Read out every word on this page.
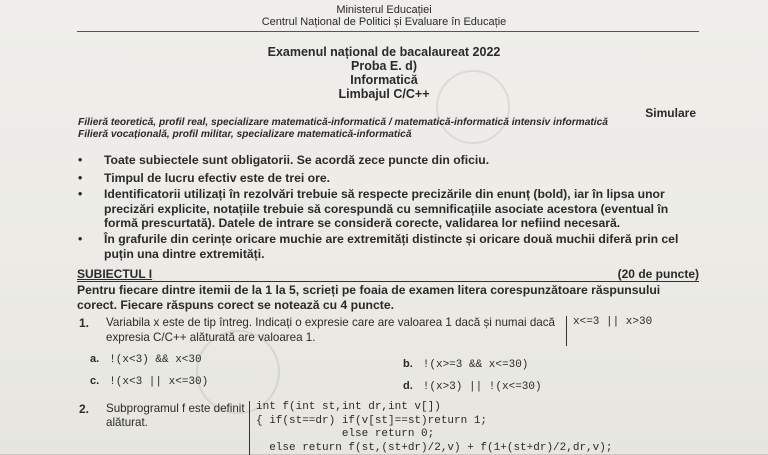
Ministerul Educației
Centrul Național de Politici și Evaluare în Educație
Examenul național de bacalaureat 2022
Proba E. d)
Informatică
Limbajul C/C++
Simulare
Filieră teoretică, profil real, specializare matematică-informatică / matematică-informatică intensiv informatică
Filieră vocațională, profil militar, specializare matematică-informatică
• Toate subiectele sunt obligatorii. Se acordă zece puncte din oficiu.
• Timpul de lucru efectiv este de trei ore.
• Identificatorii utilizați în rezolvări trebuie să respecte precizările din enunț (bold), iar în lipsa unor precizări explicite, notațiile trebuie să corespundă cu semnificațiile asociate acestora (eventual în formă prescurtată). Datele de intrare se consideră corecte, validarea lor nefiind necesară.
• În grafurile din cerințe oricare muchie are extremități distincte și oricare două muchii diferă prin cel puțin una dintre extremități.
SUBIECTUL I	(20 de puncte)
Pentru fiecare dintre itemii de la 1 la 5, scrieți pe foaia de examen litera corespunzătoare răspunsului corect. Fiecare răspuns corect se notează cu 4 puncte.
1. Variabila x este de tip întreg. Indicați o expresie care are valoarea 1 dacă și numai dacă expresia C/C++ alăturată are valoarea 1.
x<=3 || x>30
a. !(x<3) && x<30	b. !(x>=3 && x<=30)
c. !(x<3 || x<=30)	d. !(x>3) || !(x<=30)
2. Subprogramul f este definit alăturat.
int f(int st,int dr,int v[])
{ if(st==dr) if(v[st]==st)return 1;
else return 0;
else return f(st,(st+dr)/2,v) + f(1+(st+dr)/2,dr,v);
